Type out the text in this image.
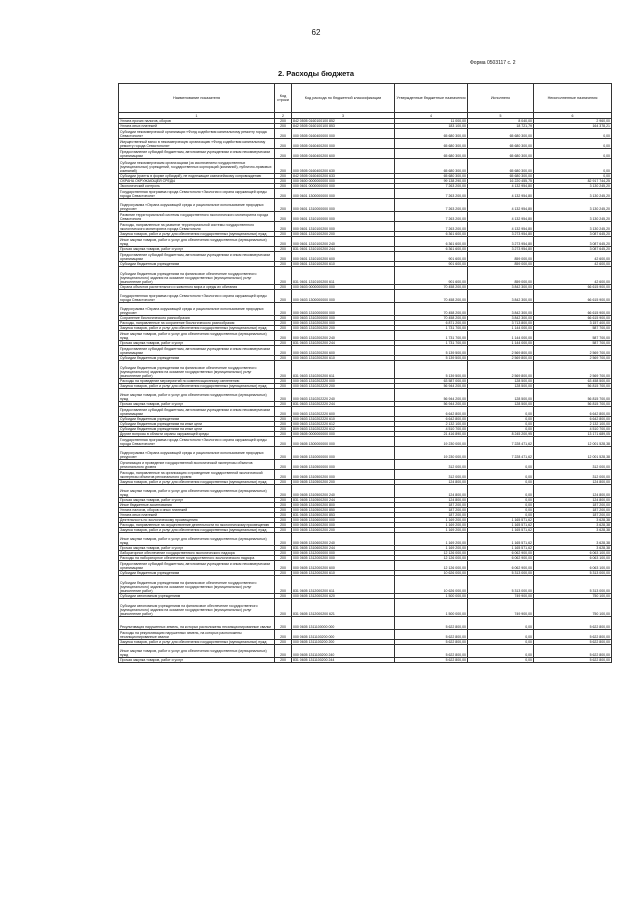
62
Форма 0503117 с. 2
2. Расходы бюджета
Наименование показателя	Код строки	Код расхода по бюджетной классификации	Утвержденные бюджетные назначения	Исполнено	Неисполненные назначения
1	2	3	4	5	6
Уплата прочих налогов, сборов	200	842 0505 0160100100 852	11 000,00	8 040,00	2 960,00
Уплата иных платежей	200	842 0505 0160100100 853	183 100,00	18 721,79	164 378,21
Субсидии некоммерческой организации «Фонд содействия капитальному ремонту города Севастополя»	200	000 0505 0160400000 000	65 680 300,00	65 680 300,00	0,00
Имущественный взнос в некоммерческую организацию «Фонд содействия капитальному ремонту города Севастополя»	200	000 0505 0160400200 000	65 680 300,00	65 680 300,00	0,00
Предоставление субсидий бюджетным, автономным учреждениям и иным некоммерческим организациям	200	000 0505 0160400200 600	65 680 300,00	65 680 300,00	0,00
Субсидии некоммерческим организациям (за исключением государственных (муниципальных) учреждений, государственных корпораций (компаний), публично-правовых компаний)	200	000 0505 0160400200 630	65 680 300,00	65 680 300,00	0,00
Субсидии (гранты в форме субсидий), не подлежащие казначейскому сопровождению	200	842 0505 0160400200 633	65 680 300,00	65 680 300,00	0,00
ОХРАНА ОКРУЖАЮЩЕЙ СРЕДЫ	200	000 0600 0000000000 000	99 138 290,00	16 220 455,75	82 917 744,25
Экологический контроль	200	000 0601 0000000000 000	7 263 200,00	4 132 954,80	3 130 245,20
Государственная программа города Севастополя «Экология и охрана окружающей среды города Севастополя»	200	000 0601 1300000000 000	7 263 200,00	4 132 954,80	3 130 245,20
Подпрограмма «Охрана окружающей среды и рациональное использование природных ресурсов»	200	000 0601 1310000000 000	7 263 200,00	4 132 954,80	3 130 245,20
Развитие территориальной системы государственного экологического мониторинга города Севастополя	200	000 0601 1310100000 000	7 263 200,00	4 132 954,80	3 130 245,20
Расходы, направленные на развитие территориальной системы государственного экологического мониторинга города Севастополя	200	000 0601 1310100200 000	7 263 200,00	4 132 954,80	3 130 245,20
Закупка товаров, работ и услуг для обеспечения государственных (муниципальных) нужд	200	000 0601 1310100200 200	6 361 600,00	3 273 954,80	3 087 645,20
Иные закупки товаров, работ и услуг для обеспечения государственных (муниципальных) нужд	200	000 0601 1310100200 240	6 361 600,00	3 273 954,80	3 087 645,20
Прочая закупка товаров, работ и услуг	200	831 0601 1310100200 244	6 361 600,00	3 273 954,80	3 087 645,20
Предоставление субсидий бюджетным, автономным учреждениям и иным некоммерческим организациям	200	000 0601 1310100200 600	901 600,00	859 000,00	42 600,00
Субсидии бюджетным учреждениям	200	000 0601 1310100200 610	901 600,00	859 000,00	42 600,00
Субсидии бюджетным учреждениям на финансовое обеспечение государственного (муниципального) задания на оказание государственных (муниципальных) услуг (выполнение работ)	200	831 0601 1310100200 611	901 600,00	859 000,00	42 600,00
Охрана объектов растительного и животного мира и среды их обитания	200	000 0603 0000000000 000	70 458 200,00	3 842 300,00	66 615 900,00
Государственная программа города Севастополя «Экология и охрана окружающей среды города Севастополя»	200	000 0603 1300000000 000	70 458 200,00	3 842 300,00	66 615 900,00
Подпрограмма «Охрана окружающей среды и рациональное использование природных ресурсов»	200	000 0603 1310000000 000	70 458 200,00	3 842 300,00	66 615 900,00
Сохранение биологического разнообразия	200	000 0603 1310200000 000	70 458 200,00	3 842 300,00	66 615 900,00
Расходы, направленные на сохранение биологического разнообразия	200	000 0603 1310200200 000	6 871 200,00	3 713 800,00	3 157 400,00
Закупка товаров, работ и услуг для обеспечения государственных (муниципальных) нужд	200	000 0603 1310200200 200	1 731 700,00	1 144 000,00	587 700,00
Иные закупки товаров, работ и услуг для обеспечения государственных (муниципальных) нужд	200	000 0603 1310200200 240	1 731 700,00	1 144 000,00	587 700,00
Прочая закупка товаров, работ и услуг	200	831 0603 1310200200 244	1 731 700,00	1 144 000,00	587 700,00
Предоставление субсидий бюджетным, автономным учреждениям и иным некоммерческим организациям	200	000 0603 1310200200 600	5 139 500,00	2 569 800,00	2 569 700,00
Субсидии бюджетным учреждениям	200	000 0603 1310200200 610	5 139 500,00	2 569 800,00	2 569 700,00
Субсидии бюджетным учреждениям на финансовое обеспечение государственного (муниципального) задания на оказание государственных (муниципальных) услуг (выполнение работ)	200	831 0603 1310200200 611	5 139 500,00	2 569 800,00	2 569 700,00
Расходы на проведение мероприятий по компенсационному озеленению	200	000 0603 1310202220 000	63 587 000,00	128 500,00	63 458 500,00
Закупка товаров, работ и услуг для обеспечения государственных (муниципальных) нужд	200	000 0603 1310202220 200	56 944 200,00	128 500,00	56 815 700,00
Иные закупки товаров, работ и услуг для обеспечения государственных (муниципальных) нужд	200	000 0603 1310202220 240	56 944 200,00	128 500,00	56 815 700,00
Прочая закупка товаров, работ и услуг	200	831 0603 1310202220 244	56 944 200,00	128 500,00	56 815 700,00
Предоставление субсидий бюджетным, автономным учреждениям и иным некоммерческим организациям	200	000 0603 1310202220 600	6 642 800,00	0,00	6 642 800,00
Субсидии бюджетным учреждениям	200	000 0603 1310202220 610	6 642 800,00	0,00	6 642 800,00
Субсидии бюджетным учреждениям на иные цели	200	000 0603 1310202220 612	2 132 100,00	0,00	2 132 100,00
Субсидии бюджетным учреждениям на иные цели	200	809 0603 1310202220 612	4 510 700,00	0,00	4 510 700,00
Другие вопросы в области охраны окружающей среды	200	000 0605 0000000000 000	21 416 890,00	8 245 200,95	13 171 689,05
Государственная программа города Севастополя «Экология и охрана окружающей среды города Севастополя»	200	000 0605 1300000000 000	19 230 000,00	7 228 471,62	12 001 528,38
Подпрограмма «Охрана окружающей среды и рациональное использование природных ресурсов»	200	000 0605 1310000000 000	19 230 000,00	7 228 471,62	12 001 528,38
Организация и проведение государственной экологической экспертизы объектов регионального уровня	200	000 0605 1310500000 000	312 000,00	0,00	312 000,00
Расходы, направленные на организацию и проведение государственной экологической экспертизы объектов регионального уровня	200	000 0605 1310500200 000	312 000,00	0,00	312 000,00
Закупка товаров, работ и услуг для обеспечения государственных (муниципальных) нужд	200	000 0605 1310500200 200	124 800,00	0,00	124 800,00
Иные закупки товаров, работ и услуг для обеспечения государственных (муниципальных) нужд	200	000 0605 1310500200 240	124 800,00	0,00	124 800,00
Прочая закупка товаров, работ и услуг	200	831 0605 1310500200 244	124 800,00	0,00	124 800,00
Иные бюджетные ассигнования	200	000 0605 1310500200 800	187 200,00	0,00	187 200,00
Уплата налогов, сборов и иных платежей	200	000 0605 1310500200 850	187 200,00	0,00	187 200,00
Уплата иных платежей	200	831 0605 1310500200 853	187 200,00	0,00	187 200,00
Деятельность по экологическому просвещению	200	000 0605 1310600000 000	1 169 200,00	1 165 571,62	3 628,38
Расходы, направленные на осуществление деятельности по экологическому просвещению	200	000 0605 1310600200 000	1 169 200,00	1 165 571,62	3 628,38
Закупка товаров, работ и услуг для обеспечения государственных (муниципальных) нужд	200	000 0605 1310600200 200	1 169 200,00	1 165 571,62	3 628,38
Иные закупки товаров, работ и услуг для обеспечения государственных (муниципальных) нужд	200	000 0605 1310600200 240	1 169 200,00	1 165 571,62	3 628,38
Прочая закупка товаров, работ и услуг	200	831 0605 1310600200 244	1 169 200,00	1 165 571,62	3 628,38
Лабораторное обеспечение государственного экологического надзора	200	000 0605 1312000000 000	12 126 000,00	6 062 900,00	6 063 100,00
Расходы на лабораторное обеспечение государственного экологического надзора	200	000 0605 1312000200 000	12 126 000,00	6 062 900,00	6 063 100,00
Предоставление субсидий бюджетным, автономным учреждениям и иным некоммерческим организациям	200	000 0605 1312000200 600	12 126 000,00	6 062 900,00	6 063 100,00
Субсидии бюджетным учреждениям	200	000 0605 1312000200 610	10 626 000,00	5 313 000,00	5 313 000,00
Субсидии бюджетным учреждениям на финансовое обеспечение государственного (муниципального) задания на оказание государственных (муниципальных) услуг (выполнение работ)	200	831 0605 1312000200 611	10 626 000,00	5 313 000,00	5 313 000,00
Субсидии автономным учреждениям	200	000 0605 1312000200 620	1 500 000,00	749 900,00	750 100,00
Субсидии автономным учреждениям на финансовое обеспечение государственного (муниципального) задания на оказание государственных (муниципальных) услуг (выполнение работ)	200	831 0605 1312000200 621	1 500 000,00	749 900,00	750 100,00
Рекультивация нарушенных земель, на которых расположены несанкционированные свалки	200	000 0605 1311100000 000	5 622 800,00	0,00	5 622 800,00
Расходы на рекультивацию нарушенных земель, на которых расположены несанкционированные свалки	200	000 0605 1311100200 000	5 622 800,00	0,00	5 622 800,00
Закупка товаров, работ и услуг для обеспечения государственных (муниципальных) нужд	200	000 0605 1311100200 200	5 622 800,00	0,00	5 622 800,00
Иные закупки товаров, работ и услуг для обеспечения государственных (муниципальных) нужд	200	000 0605 1311100200 240	5 622 800,00	0,00	5 622 800,00
Прочая закупка товаров, работ и услуг	200	831 0605 1311100200 244	5 622 800,00	0,00	5 622 800,00
